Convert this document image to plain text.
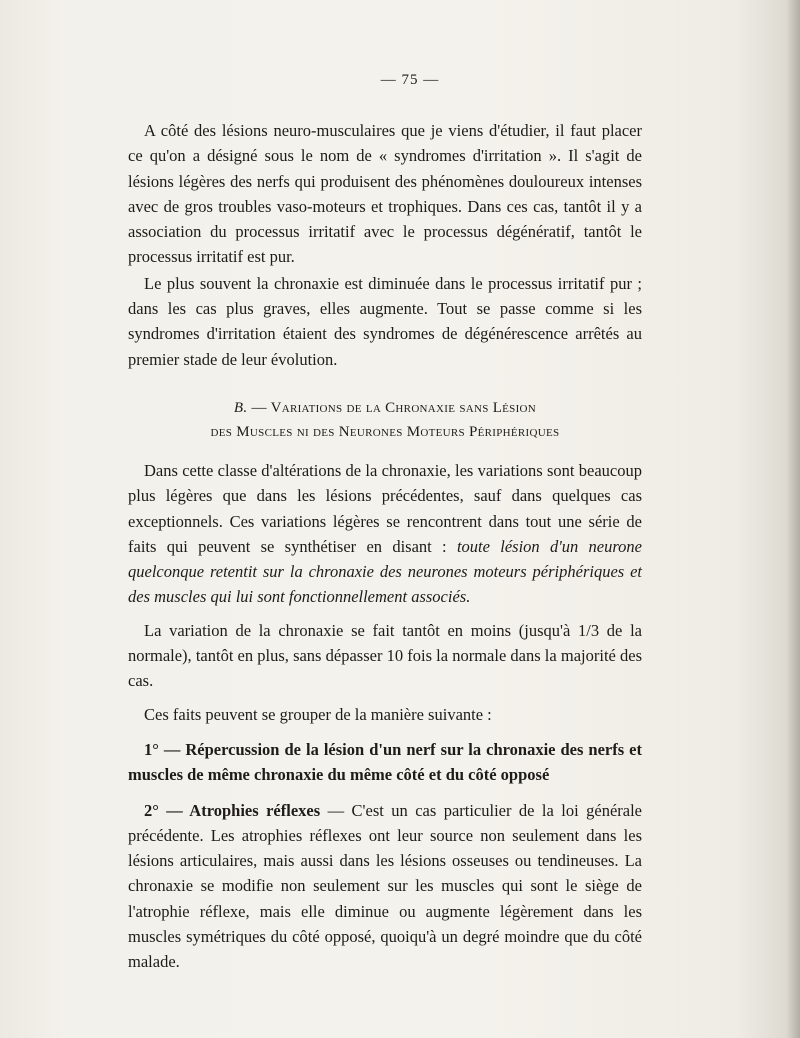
— 75 —

A côté des lésions neuro-musculaires que je viens d'étudier, il faut placer ce qu'on a désigné sous le nom de « syndromes d'irritation ». Il s'agit de lésions légères des nerfs qui produisent des phénomènes douloureux intenses avec de gros troubles vaso-moteurs et trophiques. Dans ces cas, tantôt il y a association du processus irritatif avec le processus dégénératif, tantôt le processus irritatif est pur.

Le plus souvent la chronaxie est diminuée dans le processus irritatif pur ; dans les cas plus graves, elles augmente. Tout se passe comme si les syndromes d'irritation étaient des syndromes de dégénérescence arrêtés au premier stade de leur évolution.

B. — Variations de la Chronaxie sans Lésion
des Muscles ni des Neurones Moteurs Périphériques

Dans cette classe d'altérations de la chronaxie, les variations sont beaucoup plus légères que dans les lésions précédentes, sauf dans quelques cas exceptionnels. Ces variations légères se rencontrent dans tout une série de faits qui peuvent se synthétiser en disant : toute lésion d'un neurone quelconque retentit sur la chronaxie des neurones moteurs périphériques et des muscles qui lui sont fonctionnellement associés.

La variation de la chronaxie se fait tantôt en moins (jusqu'à 1/3 de la normale), tantôt en plus, sans dépasser 10 fois la normale dans la majorité des cas.

Ces faits peuvent se grouper de la manière suivante :

1° — Répercussion de la lésion d'un nerf sur la chronaxie des nerfs et muscles de même chronaxie du même côté et du côté opposé

2° — Atrophies réflexes — C'est un cas particulier de la loi générale précédente. Les atrophies réflexes ont leur source non seulement dans les lésions articulaires, mais aussi dans les lésions osseuses ou tendineuses. La chronaxie se modifie non seulement sur les muscles qui sont le siège de l'atrophie réflexe, mais elle diminue ou augmente légèrement dans les muscles symétriques du côté opposé, quoiqu'à un degré moindre que du côté malade.
